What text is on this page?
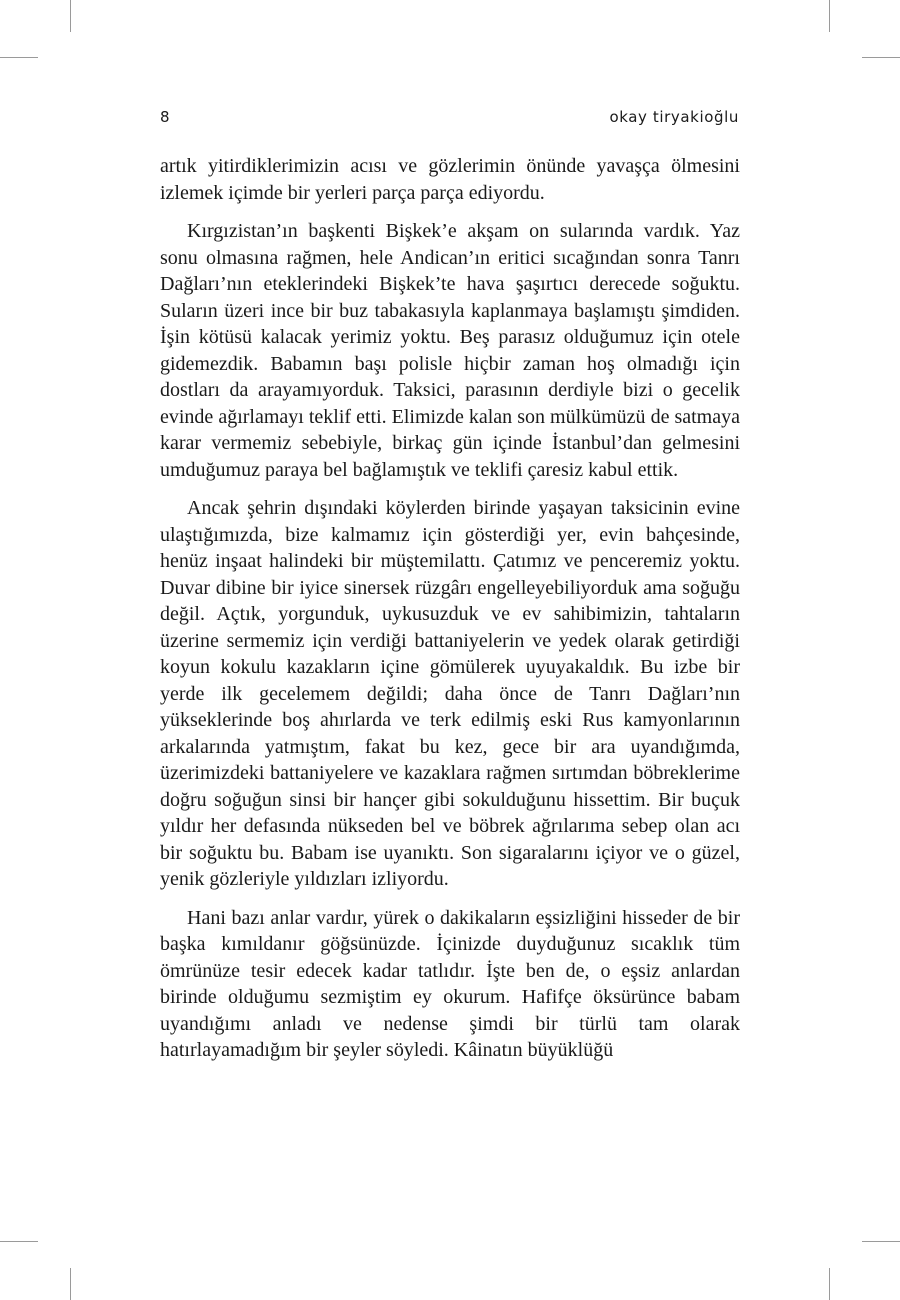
8	okay tiryakioğlu

artık yitirdiklerimizin acısı ve gözlerimin önünde yavaşça ölmesini izlemek içimde bir yerleri parça parça ediyordu.

Kırgızistan’ın başkenti Bişkek’e akşam on sularında vardık. Yaz sonu olmasına rağmen, hele Andican’ın eritici sıcağından sonra Tanrı Dağları’nın eteklerindeki Bişkek’te hava şaşırtıcı derecede soğuktu. Suların üzeri ince bir buz tabakasıyla kaplanmaya başlamıştı şimdiden. İşin kötüsü kalacak yerimiz yoktu. Beş parasız olduğumuz için otele gidemezdik. Babamın başı polisle hiçbir zaman hoş olmadığı için dostları da arayamıyorduk. Taksici, parasının derdiyle bizi o gecelik evinde ağırlamayı teklif etti. Elimizde kalan son mülkümüzü de satmaya karar vermemiz sebebiyle, birkaç gün içinde İstanbul’dan gelmesini umduğumuz paraya bel bağlamıştık ve teklifi çaresiz kabul ettik.

Ancak şehrin dışındaki köylerden birinde yaşayan taksicinin evine ulaştığımızda, bize kalmamız için gösterdiği yer, evin bahçesinde, henüz inşaat halindeki bir müştemilattı. Çatımız ve penceremiz yoktu. Duvar dibine bir iyice sinersek rüzgârı engelleyebiliyorduk ama soğuğu değil. Açtık, yorgunduk, uykusuzduk ve ev sahibimizin, tahtaların üzerine sermemiz için verdiği battaniyelerin ve yedek olarak getirdiği koyun kokulu kazakların içine gömülerek uyuyakaldık. Bu izbe bir yerde ilk gecelemem değildi; daha önce de Tanrı Dağları’nın yükseklerinde boş ahırlarda ve terk edilmiş eski Rus kamyonlarının arkalarında yatmıştım, fakat bu kez, gece bir ara uyandığımda, üzerimizdeki battaniyelere ve kazaklara rağmen sırtımdan böbreklerime doğru soğuğun sinsi bir hançer gibi sokulduğunu hissettim. Bir buçuk yıldır her defasında nükseden bel ve böbrek ağrılarıma sebep olan acı bir soğuktu bu. Babam ise uyanıktı. Son sigaralarını içiyor ve o güzel, yenik gözleriyle yıldızları izliyordu.

Hani bazı anlar vardır, yürek o dakikaların eşsizliğini hisseder de bir başka kımıldanır göğsünüzde. İçinizde duyduğunuz sıcaklık tüm ömrünüze tesir edecek kadar tatlıdır. İşte ben de, o eşsiz anlardan birinde olduğumu sezmiştim ey okurum. Hafifçe öksürünce babam uyandığımı anladı ve nedense şimdi bir türlü tam olarak hatırlayamadığım bir şeyler söyledi. Kâinatın büyüklüğü
